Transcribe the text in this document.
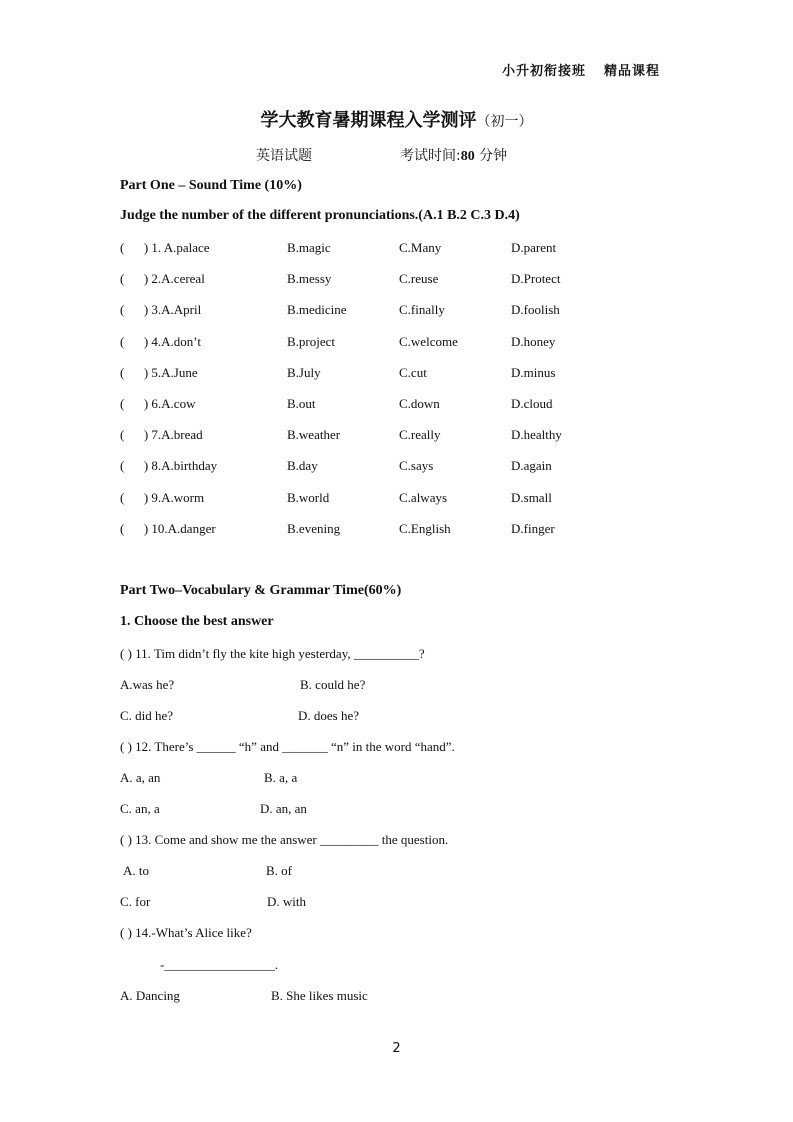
小升初衔接班 精品课程
学大教育暑期课程入学测评（初一）
英语试题	考试时间:80 分钟
Part One – Sound Time (10%)
Judge the number of the different pronunciations.(A.1 B.2 C.3 D.4)
(      ) 1. A.palace	B.magic	C.Many	D.parent
(      ) 2.A.cereal	B.messy	C.reuse	D.Protect
(      ) 3.A.April	B.medicine	C.finally	D.foolish
(      ) 4.A.don’t	B.project	C.welcome	D.honey
(      ) 5.A.June	B.July	C.cut	D.minus
(      ) 6.A.cow	B.out	C.down	D.cloud
(      ) 7.A.bread	B.weather	C.really	D.healthy
(      ) 8.A.birthday	B.day	C.says	D.again
(      ) 9.A.worm	B.world	C.always	D.small
(      ) 10.A.danger	B.evening	C.English	D.finger
Part Two–Vocabulary & Grammar Time(60%)
1. Choose the best answer
( ) 11. Tim didn’t fly the kite high yesterday, __________?
A.was he?	B. could he?
C. did he?	D. does he?
( ) 12. There’s ______ “h” and _______ “n” in the word “hand”.
A. a, an	B. a, a
C. an, a	D. an, an
( ) 13. Come and show me the answer _________ the question.
A. to	B. of
C. for	D. with
( ) 14.-What’s Alice like?
-_________________.
A. Dancing	B. She likes music
2
